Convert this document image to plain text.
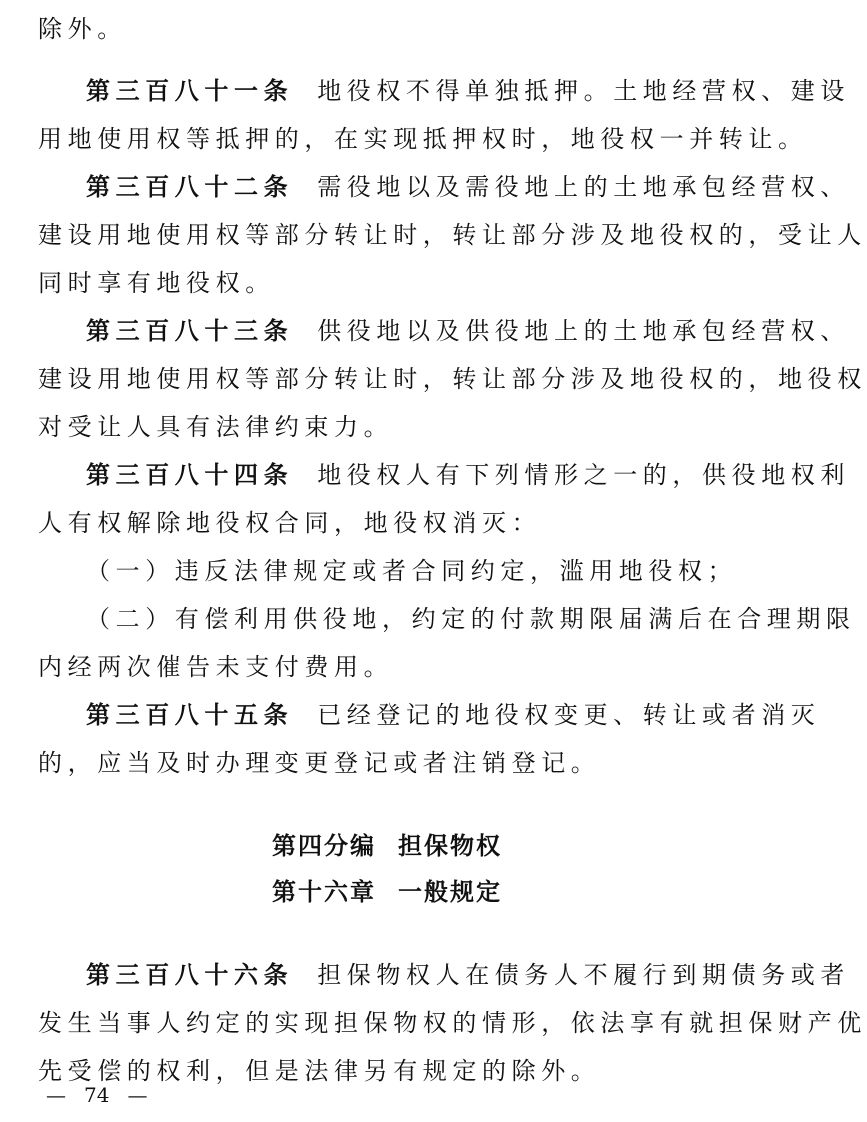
除外。
第三百八十一条 地役权不得单独抵押。土地经营权、建设
用地使用权等抵押的，在实现抵押权时，地役权一并转让。
第三百八十二条 需役地以及需役地上的土地承包经营权、
建设用地使用权等部分转让时，转让部分涉及地役权的，受让人
同时享有地役权。
第三百八十三条 供役地以及供役地上的土地承包经营权、
建设用地使用权等部分转让时，转让部分涉及地役权的，地役权
对受让人具有法律约束力。
第三百八十四条 地役权人有下列情形之一的，供役地权利
人有权解除地役权合同，地役权消灭：
（一）违反法律规定或者合同约定，滥用地役权；
（二）有偿利用供役地，约定的付款期限届满后在合理期限
内经两次催告未支付费用。
第三百八十五条 已经登记的地役权变更、转让或者消灭
的，应当及时办理变更登记或者注销登记。
第四分编 担保物权
第十六章 一般规定
第三百八十六条 担保物权人在债务人不履行到期债务或者
发生当事人约定的实现担保物权的情形，依法享有就担保财产优
先受偿的权利，但是法律另有规定的除外。
— 74 —
